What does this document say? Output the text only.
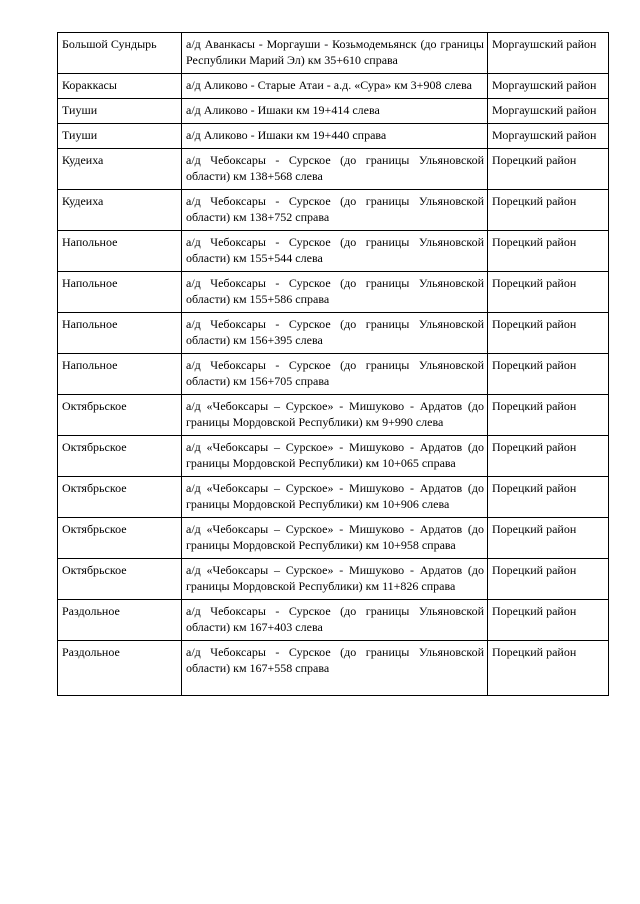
Большой Сундырь	а/д Аванкасы - Моргауши - Козьмодемьянск (до границы Республики Марий Эл) км 35+610 справа	Моргаушский район
Кораккасы	а/д Аликово - Старые Атаи - а.д. «Сура» км 3+908 слева	Моргаушский район
Тиуши	а/д Аликово - Ишаки км 19+414 слева	Моргаушский район
Тиуши	а/д Аликово - Ишаки км 19+440 справа	Моргаушский район
Кудеиха	а/д Чебоксары - Сурское (до границы Ульяновской области) км 138+568 слева	Порецкий район
Кудеиха	а/д Чебоксары - Сурское (до границы Ульяновской области) км 138+752 справа	Порецкий район
Напольное	а/д Чебоксары - Сурское (до границы Ульяновской области) км 155+544 слева	Порецкий район
Напольное	а/д Чебоксары - Сурское (до границы Ульяновской области) км 155+586 справа	Порецкий район
Напольное	а/д Чебоксары - Сурское (до границы Ульяновской области) км 156+395 слева	Порецкий район
Напольное	а/д Чебоксары - Сурское (до границы Ульяновской области) км 156+705 справа	Порецкий район
Октябрьское	а/д «Чебоксары – Сурское» - Мишуково - Ардатов (до границы Мордовской Республики) км 9+990 слева	Порецкий район
Октябрьское	а/д «Чебоксары – Сурское» - Мишуково - Ардатов (до границы Мордовской Республики) км 10+065 справа	Порецкий район
Октябрьское	а/д «Чебоксары – Сурское» - Мишуково - Ардатов (до границы Мордовской Республики) км 10+906 слева	Порецкий район
Октябрьское	а/д «Чебоксары – Сурское» - Мишуково - Ардатов (до границы Мордовской Республики) км 10+958 справа	Порецкий район
Октябрьское	а/д «Чебоксары – Сурское» - Мишуково - Ардатов (до границы Мордовской Республики) км 11+826 справа	Порецкий район
Раздольное	а/д Чебоксары - Сурское (до границы Ульяновской области) км 167+403 слева	Порецкий район
Раздольное	а/д Чебоксары - Сурское (до границы Ульяновской области) км 167+558 справа	Порецкий район
